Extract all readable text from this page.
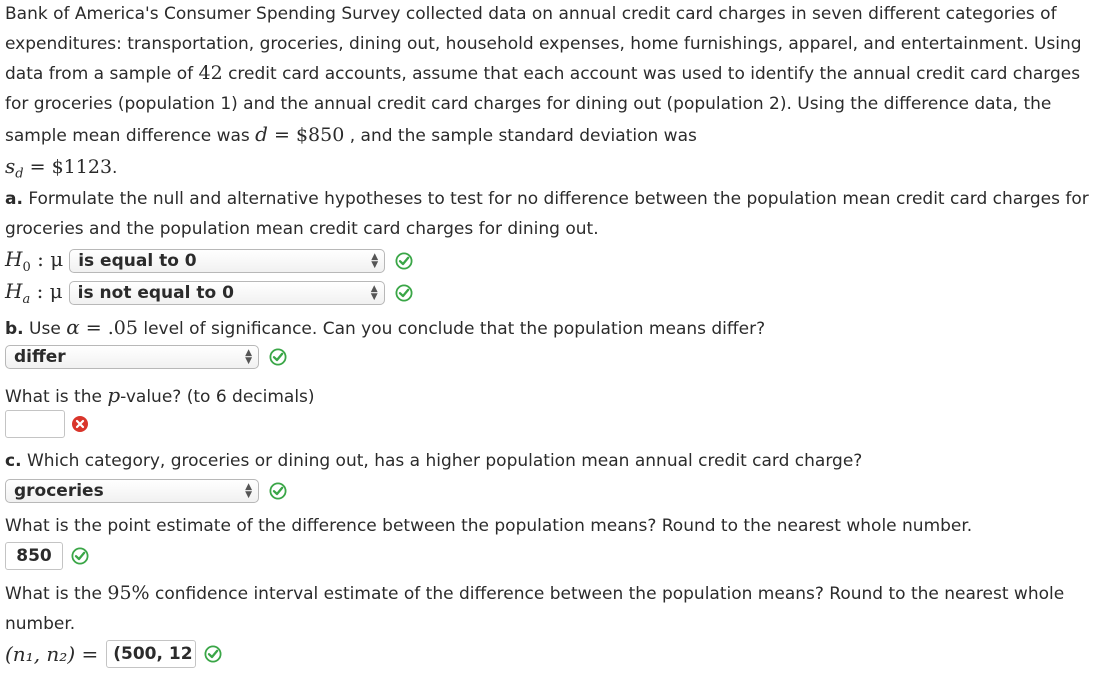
Bank of America's Consumer Spending Survey collected data on annual credit card charges in seven different categories of expenditures: transportation, groceries, dining out, household expenses, home furnishings, apparel, and entertainment. Using data from a sample of 42 credit card accounts, assume that each account was used to identify the annual credit card charges for groceries (population 1) and the annual credit card charges for dining out (population 2). Using the difference data, the sample mean difference was d = $850 , and the sample standard deviation was
$s_d$ = $1123.
a. Formulate the null and alternative hypotheses to test for no difference between the population mean credit card charges for groceries and the population mean credit card charges for dining out.
$H_0$ : μ is equal to 0	▲
▼
$H_a$ : μ is not equal to 0	▲
▼
b. Use α = .05 level of significance. Can you conclude that the population means differ?
differ	▲
▼
What is the p-value? (to 6 decimals)
c. Which category, groceries or dining out, has a higher population mean annual credit card charge?
groceries	▲
▼
What is the point estimate of the difference between the population means? Round to the nearest whole number.
850
What is the 95% confidence interval estimate of the difference between the population means? Round to the nearest whole number.
(n₁, n₂) = (500, 12
